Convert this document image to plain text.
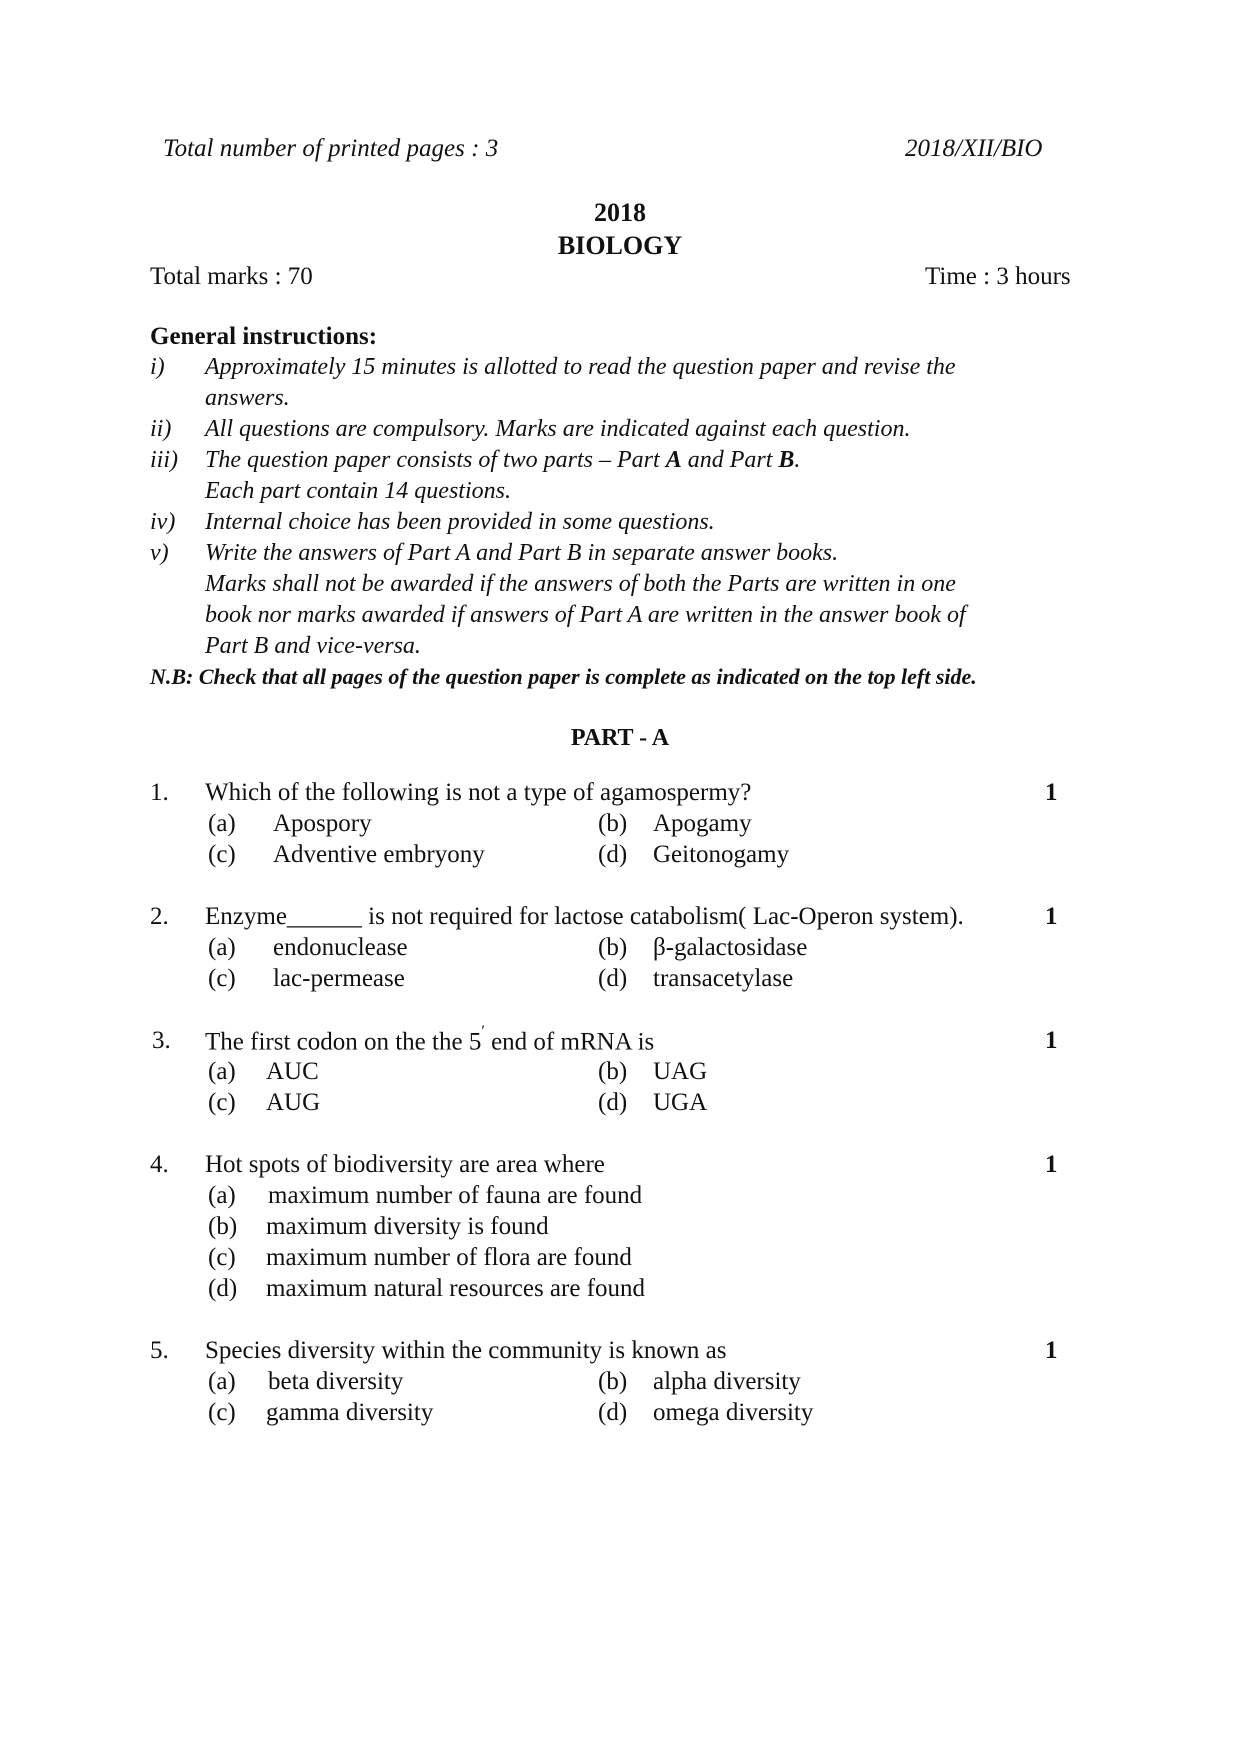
Total number of printed pages : 3	2018/XII/BIO
2018
BIOLOGY
Total marks : 70	Time : 3 hours
General instructions:
i) Approximately 15 minutes is allotted to read the question paper and revise the
answers.
ii) All questions are compulsory. Marks are indicated against each question.
iii) The question paper consists of two parts – Part A and Part B.
Each part contain 14 questions.
iv) Internal choice has been provided in some questions.
v) Write the answers of Part A and Part B in separate answer books.
Marks shall not be awarded if the answers of both the Parts are written in one
book nor marks awarded if answers of Part A are written in the answer book of
Part B and vice-versa.
N.B: Check that all pages of the question paper is complete as indicated on the top left side.
PART - A
1. Which of the following is not a type of agamospermy?	1
(a) Apospory	(b) Apogamy
(c) Adventive embryony	(d) Geitonogamy
2. Enzyme______ is not required for lactose catabolism( Lac-Operon system).	1
(a) endonuclease	(b) β-galactosidase
(c) lac-permease	(d) transacetylase
3. The first codon on the the 5′ end of mRNA is	1
(a) AUC	(b) UAG
(c) AUG	(d) UGA
4. Hot spots of biodiversity are area where	1
(a) maximum number of fauna are found
(b) maximum diversity is found
(c) maximum number of flora are found
(d) maximum natural resources are found
5. Species diversity within the community is known as	1
(a) beta diversity	(b) alpha diversity
(c) gamma diversity	(d) omega diversity
